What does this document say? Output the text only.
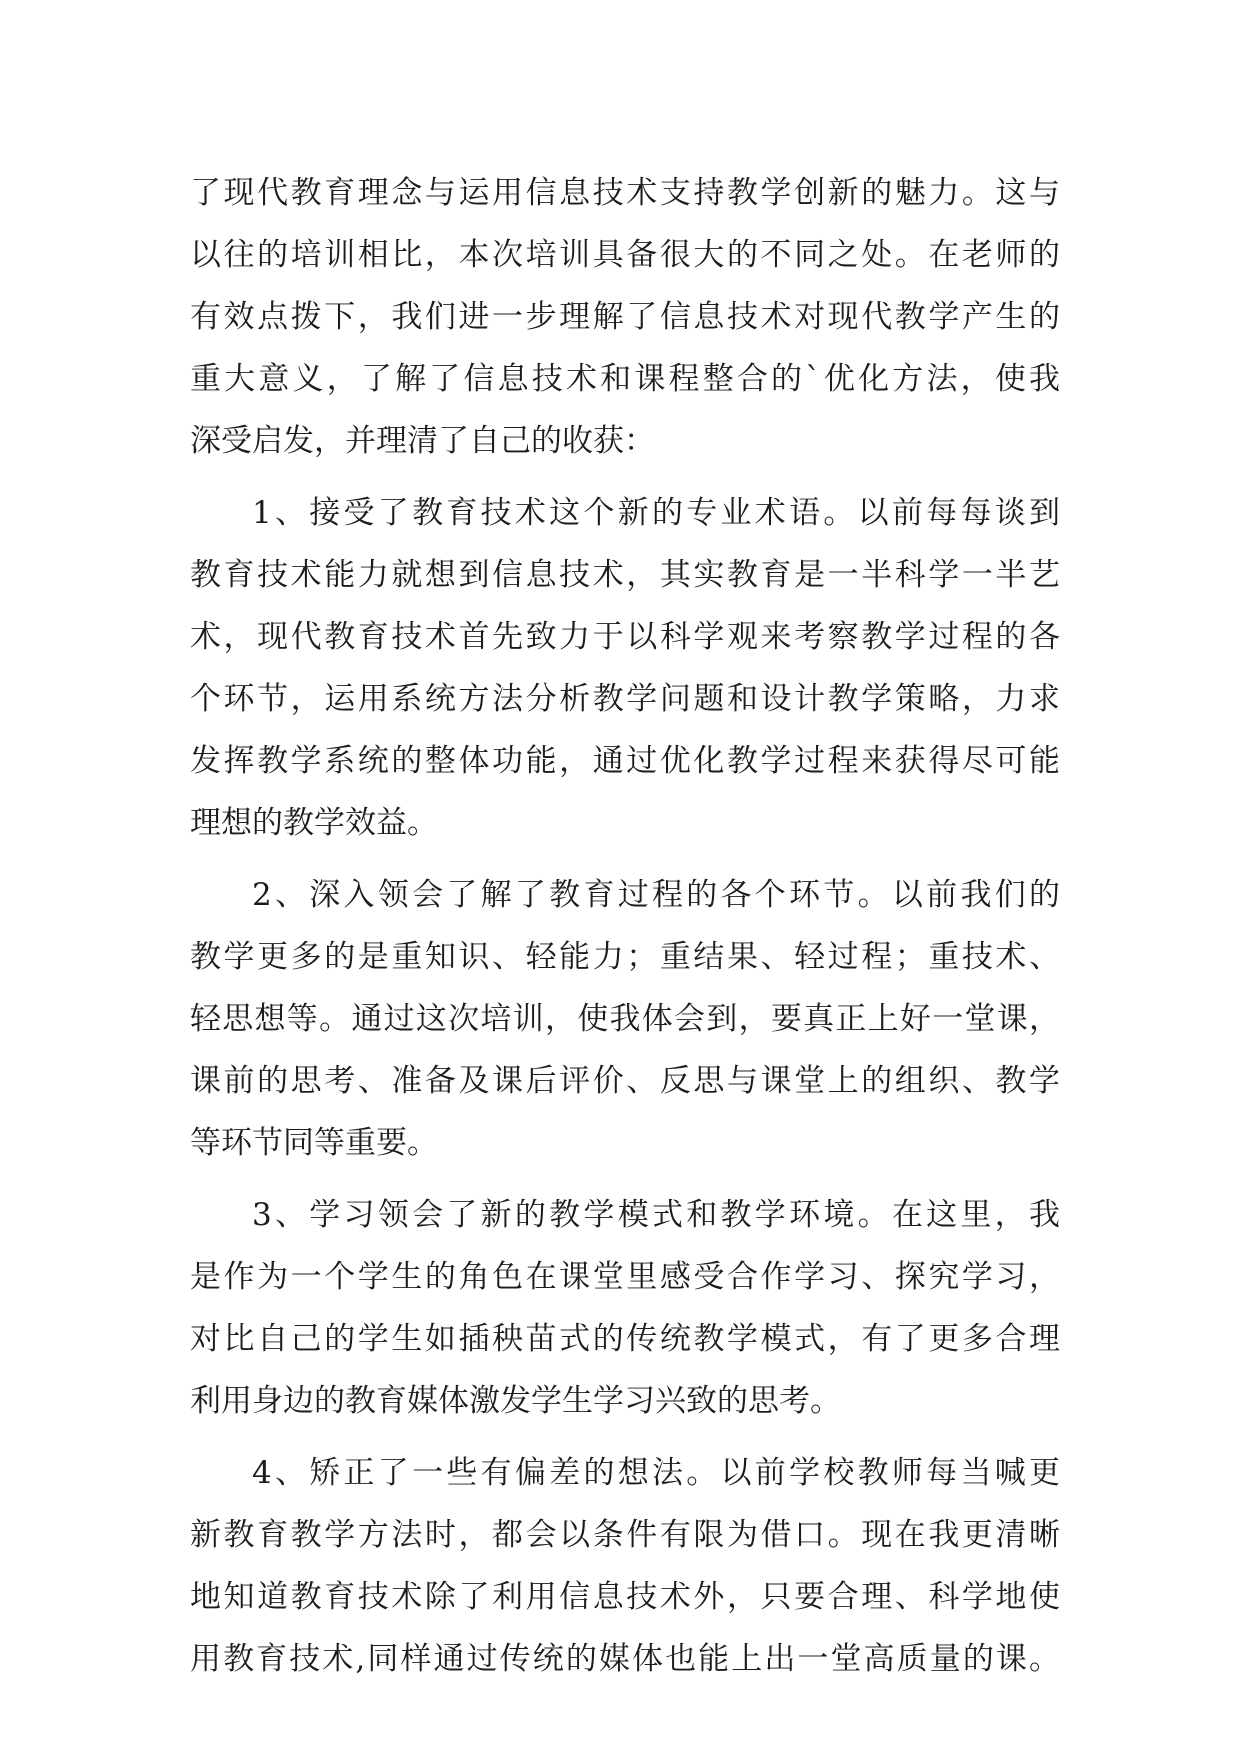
了现代教育理念与运用信息技术支持教学创新的魅力。这与
以往的培训相比，本次培训具备很大的不同之处。在老师的
有效点拨下，我们进一步理解了信息技术对现代教学产生的
重大意义，了解了信息技术和课程整合的`优化方法，使我
深受启发，并理清了自己的收获：
1、接受了教育技术这个新的专业术语。以前每每谈到
教育技术能力就想到信息技术，其实教育是一半科学一半艺
术，现代教育技术首先致力于以科学观来考察教学过程的各
个环节，运用系统方法分析教学问题和设计教学策略，力求
发挥教学系统的整体功能，通过优化教学过程来获得尽可能
理想的教学效益。
2、深入领会了解了教育过程的各个环节。以前我们的
教学更多的是重知识、轻能力；重结果、轻过程；重技术、
轻思想等。通过这次培训，使我体会到，要真正上好一堂课，
课前的思考、准备及课后评价、反思与课堂上的组织、教学
等环节同等重要。
3、学习领会了新的教学模式和教学环境。在这里，我
是作为一个学生的角色在课堂里感受合作学习、探究学习，
对比自己的学生如插秧苗式的传统教学模式，有了更多合理
利用身边的教育媒体激发学生学习兴致的思考。
4、矫正了一些有偏差的想法。以前学校教师每当喊更
新教育教学方法时，都会以条件有限为借口。现在我更清晰
地知道教育技术除了利用信息技术外，只要合理、科学地使
用教育技术,同样通过传统的媒体也能上出一堂高质量的课。
